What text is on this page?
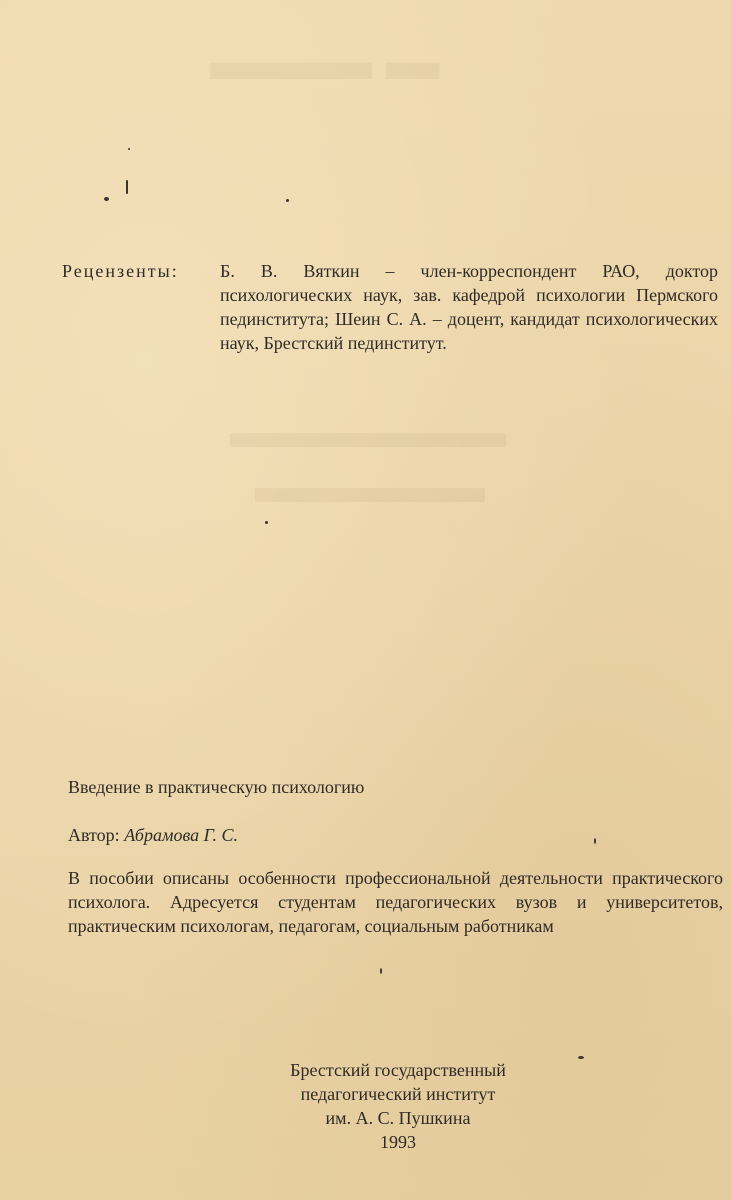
▬▬▬ ▬
▬▬▬▬▬▬
▬▬▬▬▬
Рецензенты: Б. В. Вяткин – член-корреспондент РАО, доктор психологических наук, зав. кафедрой психологии Пермского пединститута; Шеин С. А. – доцент, кандидат психологических наук, Брестский пединститут.
Введение в практическую психологию
Автор: Абрамова Г. С.
В пособии описаны особенности профессиональной деятельности практического психолога. Адресуется студентам педагогических вузов и университетов, практическим психологам, педагогам, социальным работникам
Брестский государственный
педагогический институт
им. А. С. Пушкина
1993
